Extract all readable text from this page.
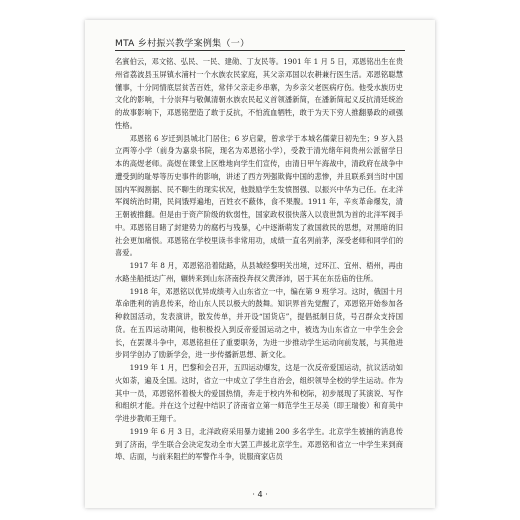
MTA 乡村振兴教学案例集（一）

名賓伯云，邓文铭、弘民、一民、建勋、丁友民等。1901 年 1 月 5 日，邓恩铭出生在贵州省荔波县玉屏镇水浦村一个水族农民家庭，其父亲邓国以农耕兼行医生活。邓恩铭聪慧懂事，十分同情底层贫苦百姓，常伴父亲走乡串寨，为乡亲父老医病疗伤。他受水族历史文化的影响，十分崇拜与敬佩清朝水族农民起义首领潘新简，在潘新简起义反抗清廷统治的故事影响下，邓恩铭塑造了敢于反抗，不怕流血牺牲，敢于为天下穷人推翻暴政的顽强性格。

邓恩铭 6 岁迁到县城北门居住；6 岁启蒙，曾求学于本城名儒蒙日初先生；9 岁入县立两等小学（前身为嘉泉书院，现名为邓恩铭小学），受教于清光绪年间贵州公派留学日本的高煜老师。高煜在课堂上区维地向学生们宣传，由清日甲午海战中，清政府在战争中遭受到的耻辱等历史事件的影响，讲述了西方列强欺侮中国的悲惨，并且联系到当时中国国内军阀割据、民不聊生的现实状况，他鼓励学生发愤图强、以振兴中华为己任。在北洋军阀统治时期，民间饿殍遍地，百姓衣不蔽体，食不果腹。1911 年，辛亥革命爆发，清王朝被推翻。但是由于资产阶级的软弱性，国家政权很快落入以袁世凯为首的北洋军阀手中。邓恩铭目睹了封建势力的腐朽与残暴，心中逐渐萌发了救国救民的思想，对黑暗的旧社会更加痛恨。邓恩铭在学校里读书非常用功，成绩一直名列前茅，深受老师和同学们的喜爱。

1917 年 8 月，邓恩铭沿着陆路，从县城经黎明关出境，过环江、宜州、梧州，再由水路坐船抵达广州，辗转来到山东济南投奔叔父黄泽沛，居于其在东岳庙的住所。

1918 年，邓恩铭以优异成绩考入山东省立一中，编在第 9 班学习。这时，俄国十月革命胜利的消息传来，给山东人民以极大的鼓舞。知识界首先觉醒了，邓恩铭开始参加各种救国活动，发表演讲，散发传单，并开设“国货店”，提倡抵制日货，号召群众支持国货。在五四运动期间，他积极投入到反帝爱国运动之中，被选为山东省立一中学生会会长，在罢课斗争中，邓恩铭担任了重要职务，为进一步推动学生运动向前发展，与其他进步同学创办了励新学会，进一步传播新思想、新文化。

1919 年 1 月，巴黎和会召开，五四运动爆发，这是一次反帝爱国运动，抗议活动如火如荼，遍及全国。这时，省立一中成立了学生自治会，组织领导全校的学生运动。作为其中一员，邓恩铭怀着极大的爱国热情，奔走于校内外和校际，初步展现了其演说、写作和组织才能。并在这个过程中结识了济南省立第一师范学生王尽美（即王瑞俊）和育英中学进步教师王翔千。

1919 年 6 月 3 日，北洋政府采用暴力逮捕 200 多名学生。北京学生被捕的消息传到了济南，学生联合会决定发动全市大罢工声援北京学生。邓恩铭和省立一中学生来到商埠、店面，与前来阻拦的军警作斗争，说服商家店员

· 4 ·
